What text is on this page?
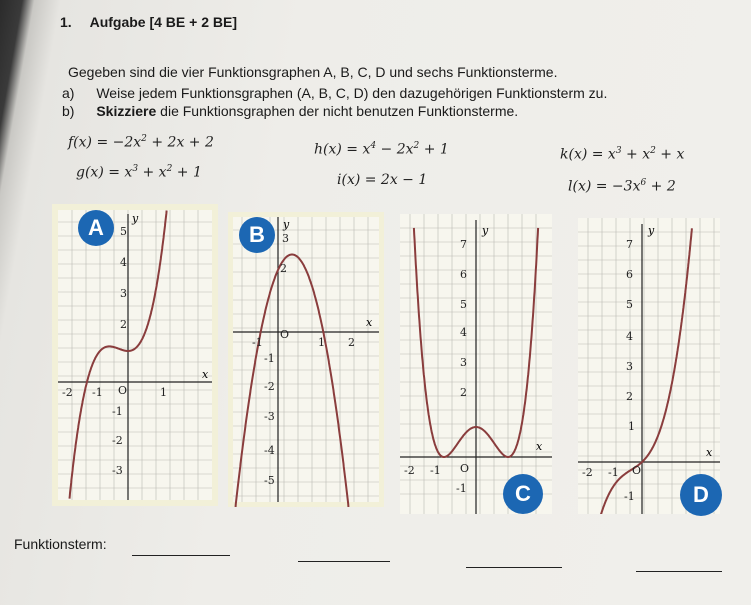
1. Aufgabe [4 BE + 2 BE]
Gegeben sind die vier Funktionsgraphen A, B, C, D und sechs Funktionsterme.
a) Weise jedem Funktionsgraphen (A, B, C, D) den dazugehörigen Funktionsterm zu.
b) Skizziere die Funktionsgraphen der nicht benutzen Funktionsterme.
$f(x) = -2x^2 + 2x + 2$	$h(x) = x^4 - 2x^2 + 1$	$k(x) = x^3 + x^2 + x$
$g(x) = x^3 + x^2 + 1$	i(x) = 2x − 1	$l(x) = -3x^6 + 2$
y
x
-2 -1 O	1
5
4
3
2
-1
-2
-3
A	y
x
-1
O
1 2
3
2
-1
-2
-3
-4
-5
B	y
x
-2 -1 O
7
6
5
4
3
2
-1	C
y
x
-2 -1 O
7
6
5
4
3
2
1
-1	D
Funktionsterm:
